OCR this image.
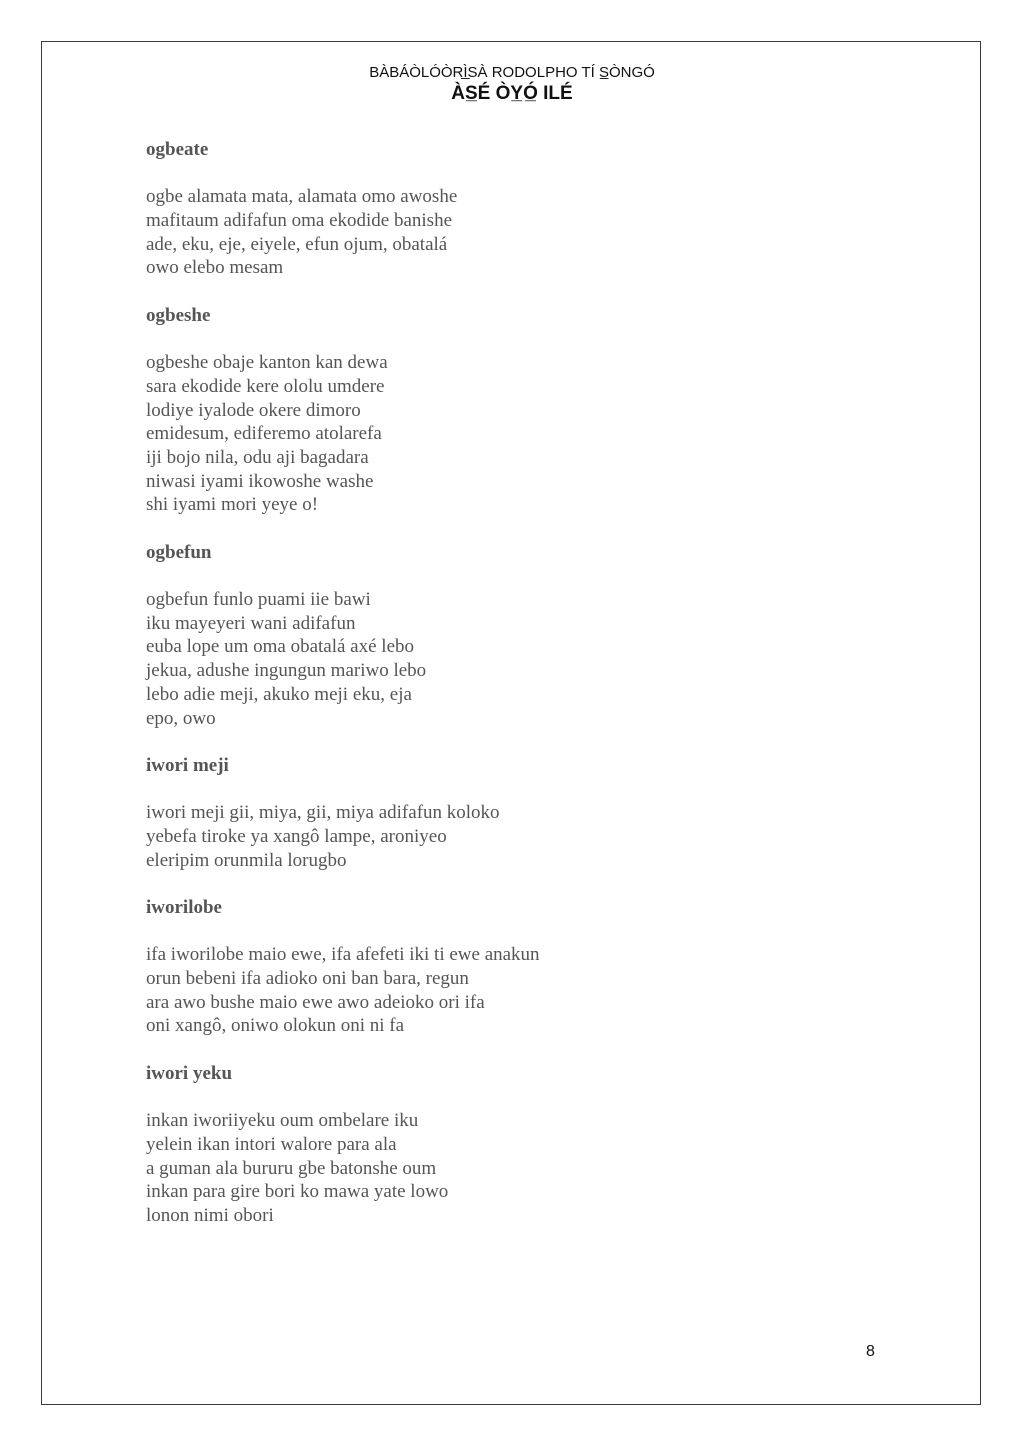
BÀBÁÒLÓÒRÌ̲SÀ RODOLPHO TÍ S̲ÒNGÓ
ÀS̲É ÒY̲Ó̲ ILÉ
ogbeate
ogbe alamata mata, alamata omo awoshe
mafitaum adifafun oma ekodide banishe
ade, eku, eje, eiyele, efun ojum, obatalá
owo elebo mesam
ogbeshe
ogbeshe obaje kanton kan dewa
sara ekodide kere ololu umdere
lodiye iyalode okere dimoro
emidesum, ediferemo atolarefa
iji bojo nila, odu aji bagadara
niwasi iyami ikowoshe washe
shi iyami mori yeye o!
ogbefun
ogbefun funlo puami iie bawi
iku mayeyeri wani adifafun
euba lope um oma obatalá axé lebo
jekua, adushe ingungun mariwo lebo
lebo adie meji, akuko meji eku, eja
epo, owo
iwori meji
iwori meji gii, miya, gii, miya adifafun koloko
yebefa tiroke ya xangô lampe, aroniyeo
eleripim orunmila lorugbo
iworilobe
ifa iworilobe maio ewe, ifa afefeti iki ti ewe anakun
orun bebeni ifa adioko oni ban bara, regun
ara awo bushe maio ewe awo adeioko ori ifa
oni xangô, oniwo olokun oni ni fa
iwori yeku
inkan iworiiyeku oum ombelare iku
yelein ikan intori walore para ala
a guman ala bururu gbe batonshe oum
inkan para gire bori ko mawa yate lowo
lonon nimi obori
8
